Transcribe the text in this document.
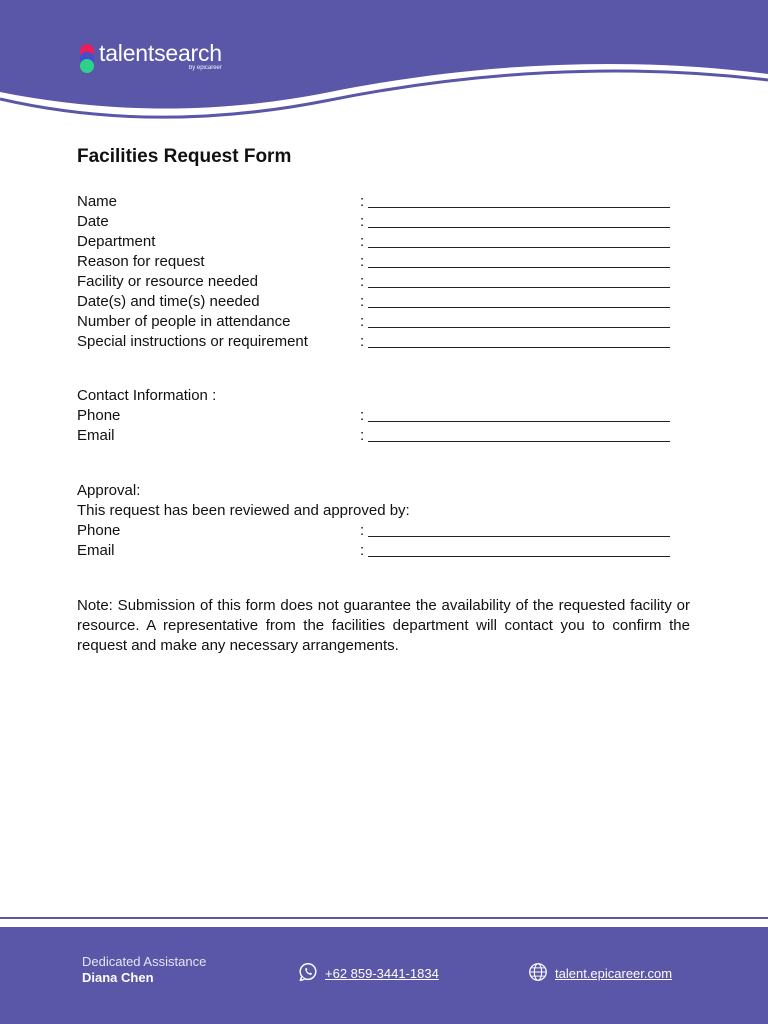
talentsearch
by epicareer
Facilities Request Form
Name	:
Date	:
Department	:
Reason for request	:
Facility or resource needed	:
Date(s) and time(s) needed	:
Number of people in attendance	:
Special instructions or requirement	:
Contact Information :
Phone	:
Email	:
Approval:
This request has been reviewed and approved by:
Phone	:
Email	:

Note: Submission of this form does not guarantee the availability of the requested facility or resource. A representative from the facilities department will contact you to confirm the request and make any necessary arrangements.

Dedicated Assistance
Diana Chen	+62 859-3441-1834	talent.epicareer.com
